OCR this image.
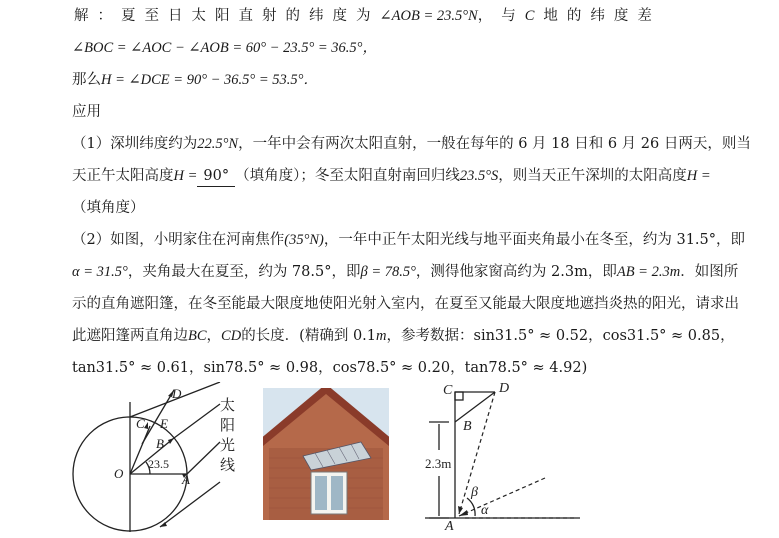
解：夏至日太阳直射的纬度为∠AOB = 23.5°N，与C地的纬度差
∠BOC = ∠AOC − ∠AOB = 60° − 23.5° = 36.5°，
那么H = ∠DCE = 90° − 36.5° = 53.5°．
应用
（1）深圳纬度约为22.5°N，一年中会有两次太阳直射，一般在每年的 6 月 18 日和 6 月 26 日两天，则当
天正午太阳高度H = 90° （填角度）；冬至太阳直射南回归线23.5°S，则当天正午深圳的太阳高度H =
（填角度）
（2）如图，小明家住在河南焦作(35°N)，一年中正午太阳光线与地平面夹角最小在冬至，约为 31.5°，即
α = 31.5°，夹角最大在夏至，约为 78.5°，即β = 78.5°，测得他家窗高约为 2.3m，即AB = 2.3m．如图所
示的直角遮阳篷，在冬至能最大限度地使阳光射入室内，在夏至又能最大限度地遮挡炎热的阳光，请求出
此遮阳篷两直角边BC，CD的长度．(精确到 0.1m，参考数据：sin31.5° ≈ 0.52，cos31.5° ≈ 0.85，
tan31.5° ≈ 0.61，sin78.5° ≈ 0.98，cos78.5° ≈ 0.20，tan78.5° ≈ 4.92)
D
C E
B
O	A
23.5
太
阳
光
线
C	D
B
A
β
α
2.3m
